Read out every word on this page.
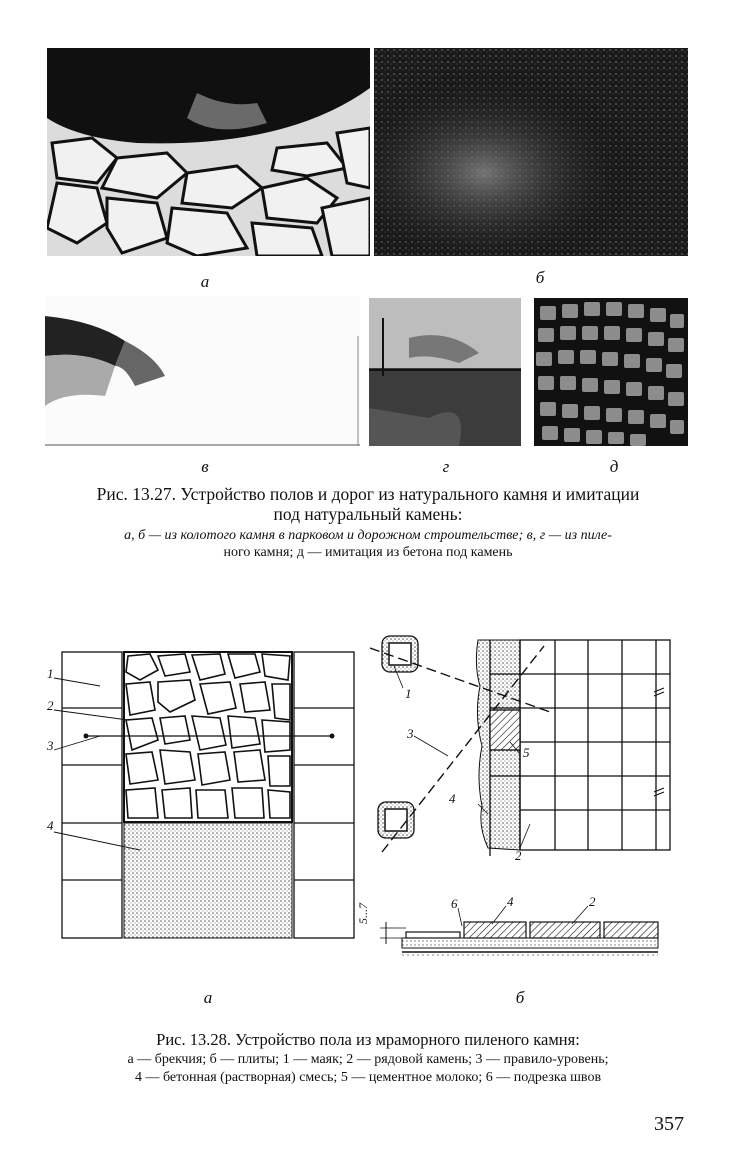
а	б
в	г	д
Рис. 13.27. Устройство полов и дорог из натурального камня и имитации
под натуральный камень:
а, б — из колотого камня в парковом и дорожном строительстве; в, г — из пиле-
ного камня; д — имитация из бетона под камень
1
2
3
4
1
3
5
4
2
5...7	6	4	2
а	б
Рис. 13.28. Устройство пола из мраморного пиленого камня:
а — брекчия; б — плиты; 1 — маяк; 2 — рядовой камень; 3 — правило-уровень;
4 — бетонная (растворная) смесь; 5 — цементное молоко; 6 — подрезка швов
357
